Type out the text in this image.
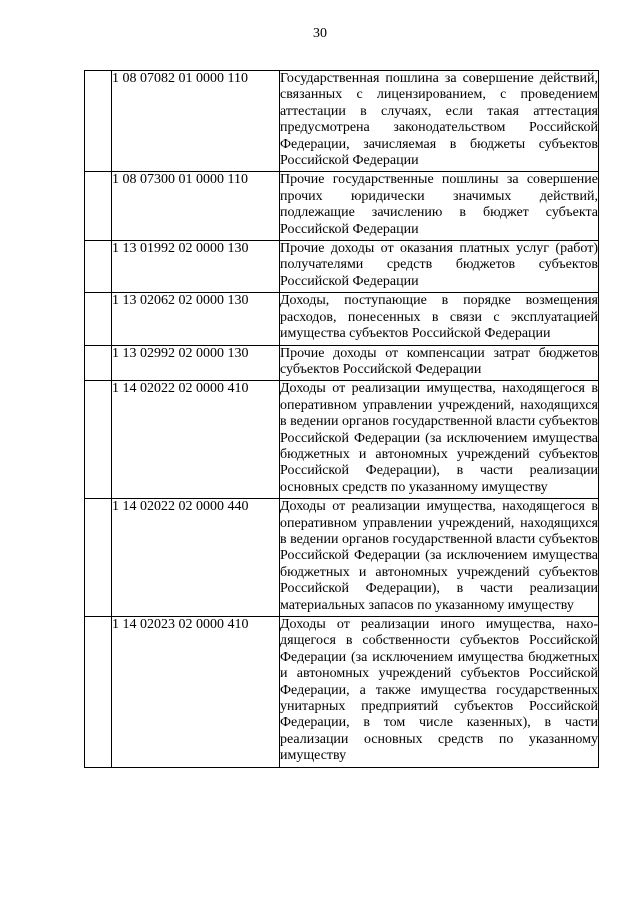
30
	1 08 07082 01 0000 110	Государственная пошлина за совершение действий, связанных с лицензированием, с проведением аттестации в случаях, если такая аттестация предусмотрена законодательством Российской Федерации, зачисляемая в бюджеты субъектов Российской Федерации
	1 08 07300 01 0000 110	Прочие государственные пошлины за совершение прочих юридически значимых действий, подлежащие зачислению в бюджет субъекта Российской Федерации
	1 13 01992 02 0000 130	Прочие доходы от оказания платных услуг (работ) получателями средств бюджетов субъектов Российской Федерации
	1 13 02062 02 0000 130	Доходы, поступающие в порядке возмещения расходов, понесенных в связи с эксплуатацией имущества субъектов Российской Федерации
	1 13 02992 02 0000 130	Прочие доходы от компенсации затрат бюджетов субъектов Российской Федерации
	1 14 02022 02 0000 410	Доходы от реализации имущества, находящегося в оперативном управлении учреждений, находящихся в ведении органов государственной власти субъектов Российской Федерации (за исключением имущества бюджетных и автономных учреждений субъектов Российской Федерации), в части реализации основных средств по указанному имуществу
	1 14 02022 02 0000 440	Доходы от реализации имущества, находящегося в оперативном управлении учреждений, находящихся в ведении органов государственной власти субъектов Российской Федерации (за исключением имущества бюджетных и автономных учреждений субъектов Российской Федерации), в части реализации материальных запасов по указанному имуществу
	1 14 02023 02 0000 410	Доходы от реализации иного имущества, находящегося в собственности субъектов Российской Федерации (за исключением имущества бюджетных и автономных учреждений субъектов Российской Федерации, а также имущества государственных унитарных предприятий субъектов Российской Федерации, в том числе казенных), в части реализации основных средств по указанному имуществу
